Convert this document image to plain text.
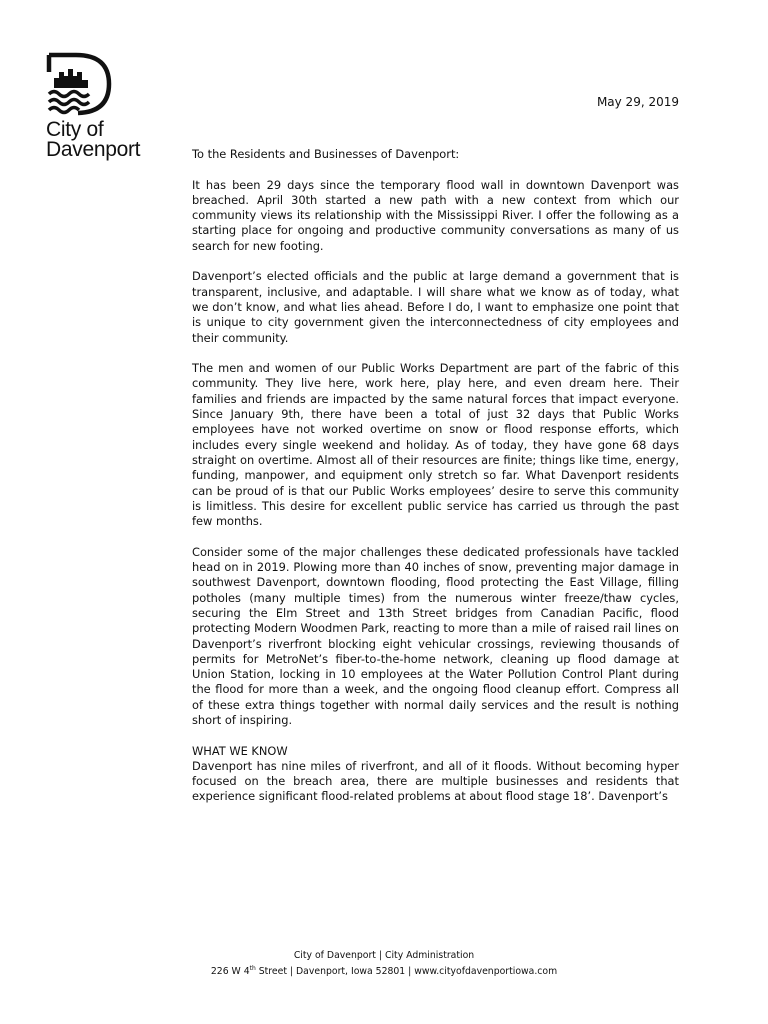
City of
Davenport
May 29, 2019

To the Residents and Businesses of Davenport:

It has been 29 days since the temporary flood wall in downtown Davenport was breached. April 30th started a new path with a new context from which our community views its relationship with the Mississippi River. I offer the following as a starting place for ongoing and productive community conversations as many of us search for new footing.

Davenport’s elected officials and the public at large demand a government that is transparent, inclusive, and adaptable. I will share what we know as of today, what we don’t know, and what lies ahead. Before I do, I want to emphasize one point that is unique to city government given the interconnectedness of city employees and their community.

The men and women of our Public Works Department are part of the fabric of this community. They live here, work here, play here, and even dream here. Their families and friends are impacted by the same natural forces that impact everyone. Since January 9th, there have been a total of just 32 days that Public Works employees have not worked overtime on snow or flood response efforts, which includes every single weekend and holiday. As of today, they have gone 68 days straight on overtime. Almost all of their resources are finite; things like time, energy, funding, manpower, and equipment only stretch so far. What Davenport residents can be proud of is that our Public Works employees’ desire to serve this community is limitless. This desire for excellent public service has carried us through the past few months.

Consider some of the major challenges these dedicated professionals have tackled head on in 2019. Plowing more than 40 inches of snow, preventing major damage in southwest Davenport, downtown flooding, flood protecting the East Village, filling potholes (many multiple times) from the numerous winter freeze/thaw cycles, securing the Elm Street and 13th Street bridges from Canadian Pacific, flood protecting Modern Woodmen Park, reacting to more than a mile of raised rail lines on Davenport’s riverfront blocking eight vehicular crossings, reviewing thousands of permits for MetroNet’s fiber-to-the-home network, cleaning up flood damage at Union Station, locking in 10 employees at the Water Pollution Control Plant during the flood for more than a week, and the ongoing flood cleanup effort. Compress all of these extra things together with normal daily services and the result is nothing short of inspiring.

WHAT WE KNOW

Davenport has nine miles of riverfront, and all of it floods. Without becoming hyper focused on the breach area, there are multiple businesses and residents that experience significant flood-related problems at about flood stage 18’. Davenport’s

City of Davenport | City Administration
226 W 4th Street | Davenport, Iowa 52801 | www.cityofdavenportiowa.com
